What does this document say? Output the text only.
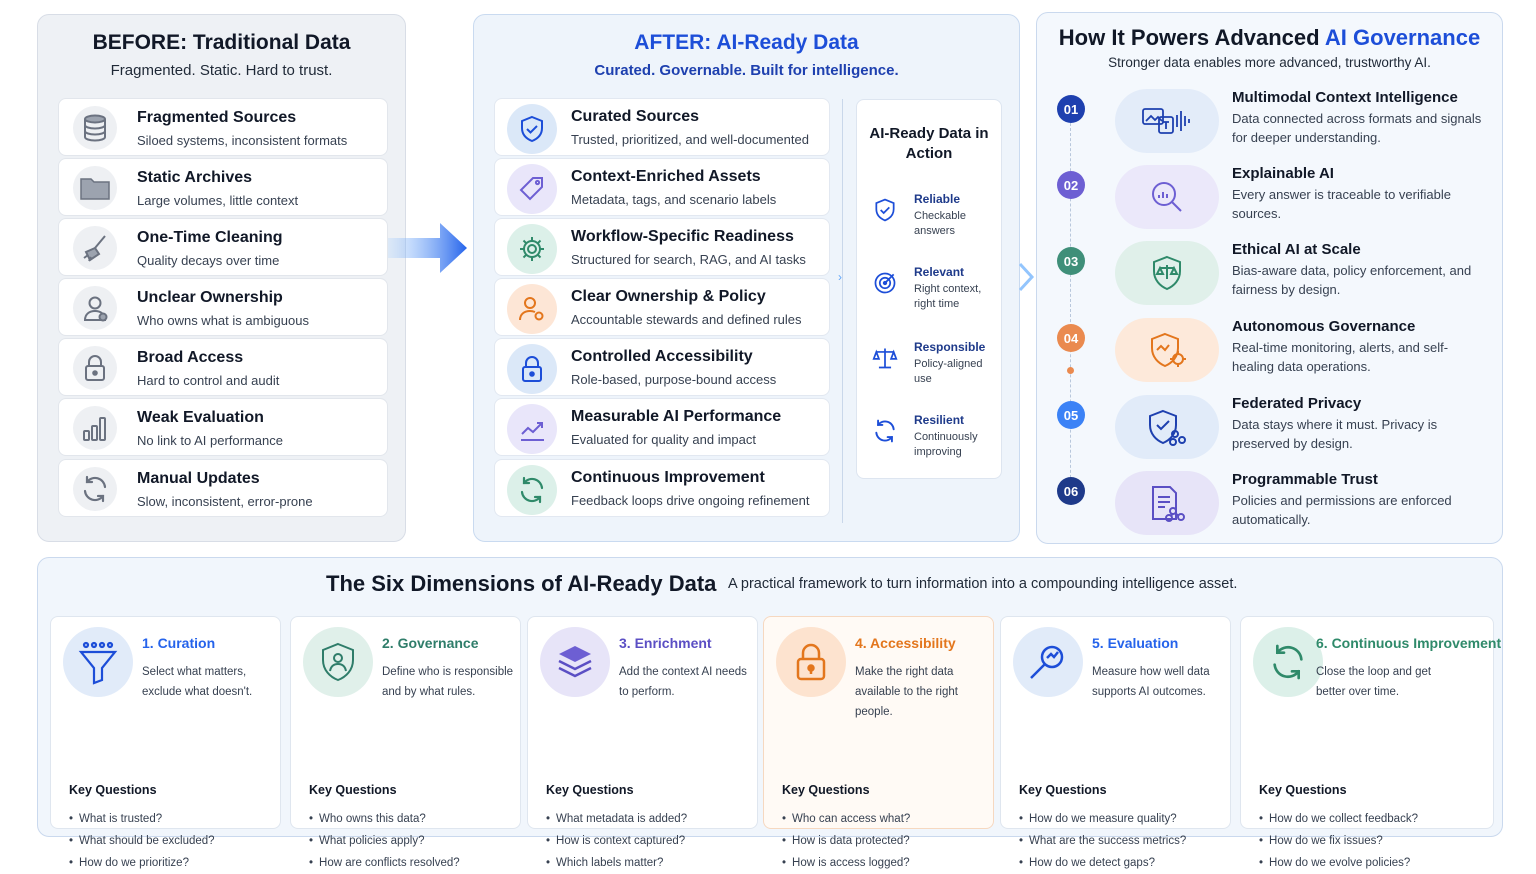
BEFORE: Traditional Data
Fragmented. Static. Hard to trust.
Fragmented Sources
Siloed systems, inconsistent formats
Static Archives
Large volumes, little context
One-Time Cleaning
Quality decays over time
Unclear Ownership
Who owns what is ambiguous
Broad Access
Hard to control and audit
Weak Evaluation
No link to AI performance
Manual Updates
Slow, inconsistent, error-prone
AFTER: AI-Ready Data
Curated. Governable. Built for intelligence.
Curated Sources
Trusted, prioritized, and well-documented
Context-Enriched Assets
Metadata, tags, and scenario labels
Workflow-Specific Readiness
Structured for search, RAG, and AI tasks
Clear Ownership & Policy
Accountable stewards and defined rules
Controlled Accessibility
Role-based, purpose-bound access
Measurable AI Performance
Evaluated for quality and impact
Continuous Improvement
Feedback loops drive ongoing refinement
›
AI-Ready Data in Action
Reliable
Checkable answers
Relevant
Right context, right time
Responsible
Policy-aligned use
Resilient
Continuously improving
How It Powers Advanced AI Governance
Stronger data enables more advanced, trustworthy AI.
01
Multimodal Context Intelligence
Data connected across formats and signals for deeper understanding.
02
Explainable AI
Every answer is traceable to verifiable sources.
03
Ethical AI at Scale
Bias-aware data, policy enforcement, and fairness by design.
04
Autonomous Governance
Real-time monitoring, alerts, and self-healing data operations.
05
Federated Privacy
Data stays where it must. Privacy is preserved by design.
06
Programmable Trust
Policies and permissions are enforced automatically.
The Six Dimensions of AI-Ready Data A practical framework to turn information into a compounding intelligence asset.
1. Curation
Select what matters, exclude what doesn't.
Key Questions
• What is trusted?
• What should be excluded?
• How do we prioritize?
2. Governance
Define who is responsible and by what rules.
Key Questions
• Who owns this data?
• What policies apply?
• How are conflicts resolved?
3. Enrichment
Add the context AI needs to perform.
Key Questions
• What metadata is added?
• How is context captured?
• Which labels matter?
4. Accessibility
Make the right data available to the right people.
Key Questions
• Who can access what?
• How is data protected?
• How is access logged?
5. Evaluation
Measure how well data supports AI outcomes.
Key Questions
• How do we measure quality?
• What are the success metrics?
• How do we detect gaps?
6. Continuous Improvement
Close the loop and get better over time.
Key Questions
• How do we collect feedback?
• How do we fix issues?
• How do we evolve policies?
